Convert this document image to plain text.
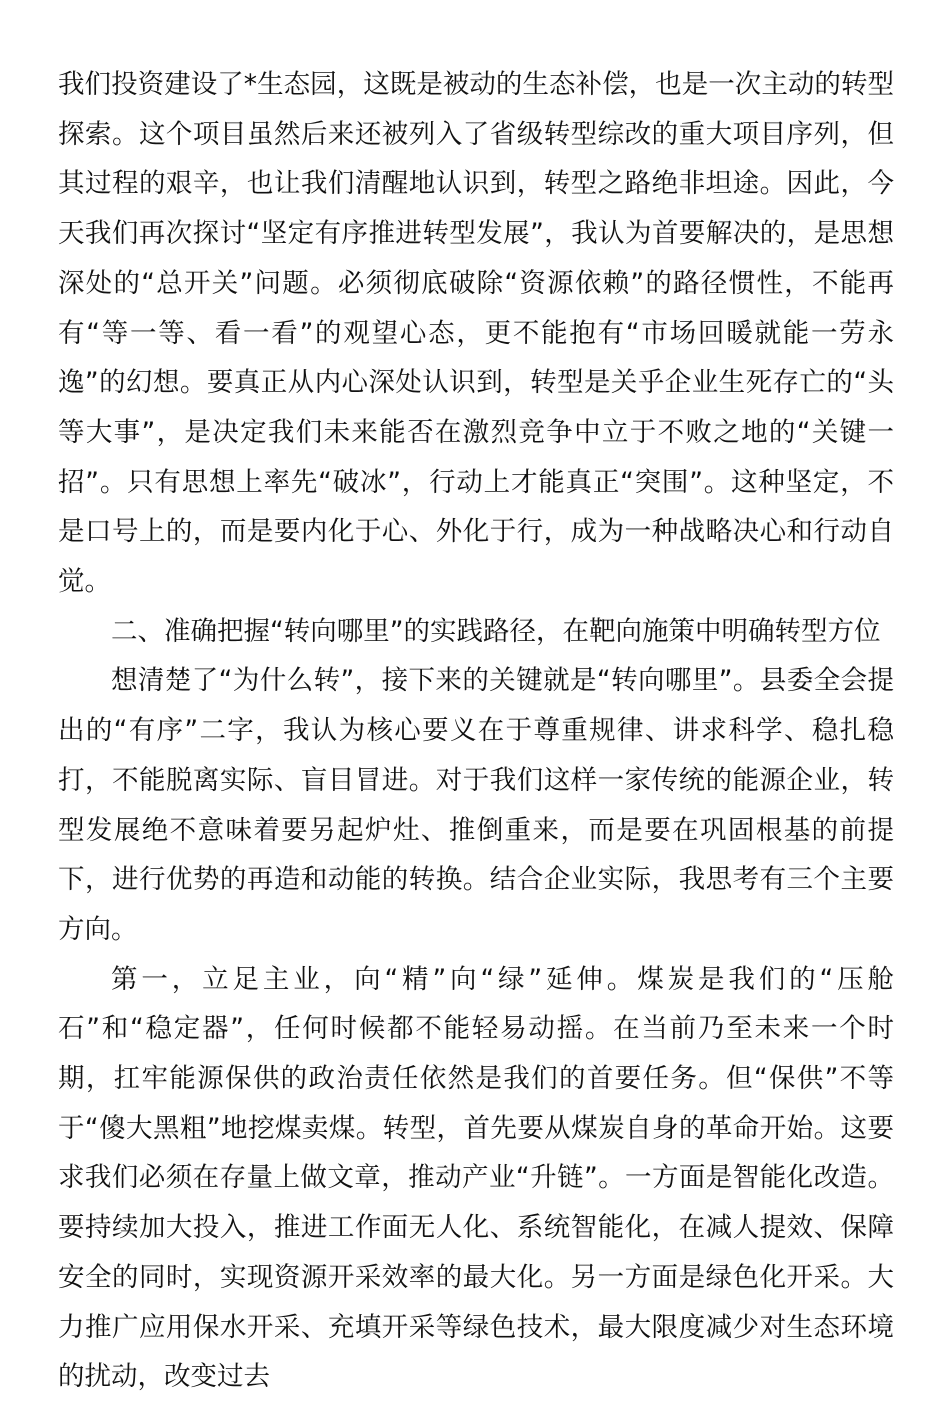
我们投资建设了*生态园，这既是被动的生态补偿，也是一次主动的转型探索。这个项目虽然后来还被列入了省级转型综改的重大项目序列，但其过程的艰辛，也让我们清醒地认识到，转型之路绝非坦途。因此，今天我们再次探讨“坚定有序推进转型发展”，我认为首要解决的，是思想深处的“总开关”问题。必须彻底破除“资源依赖”的路径惯性，不能再有“等一等、看一看”的观望心态，更不能抱有“市场回暖就能一劳永逸”的幻想。要真正从内心深处认识到，转型是关乎企业生死存亡的“头等大事”，是决定我们未来能否在激烈竞争中立于不败之地的“关键一招”。只有思想上率先“破冰”，行动上才能真正“突围”。这种坚定，不是口号上的，而是要内化于心、外化于行，成为一种战略决心和行动自觉。

二、准确把握“转向哪里”的实践路径，在靶向施策中明确转型方位

想清楚了“为什么转”，接下来的关键就是“转向哪里”。县委全会提出的“有序”二字，我认为核心要义在于尊重规律、讲求科学、稳扎稳打，不能脱离实际、盲目冒进。对于我们这样一家传统的能源企业，转型发展绝不意味着要另起炉灶、推倒重来，而是要在巩固根基的前提下，进行优势的再造和动能的转换。结合企业实际，我思考有三个主要方向。

第一，立足主业，向“精”向“绿”延伸。煤炭是我们的“压舱石”和“稳定器”，任何时候都不能轻易动摇。在当前乃至未来一个时期，扛牢能源保供的政治责任依然是我们的首要任务。但“保供”不等于“傻大黑粗”地挖煤卖煤。转型，首先要从煤炭自身的革命开始。这要求我们必须在存量上做文章，推动产业“升链”。一方面是智能化改造。要持续加大投入，推进工作面无人化、系统智能化，在减人提效、保障安全的同时，实现资源开采效率的最大化。另一方面是绿色化开采。大力推广应用保水开采、充填开采等绿色技术，最大限度减少对生态环境的扰动，改变过去
